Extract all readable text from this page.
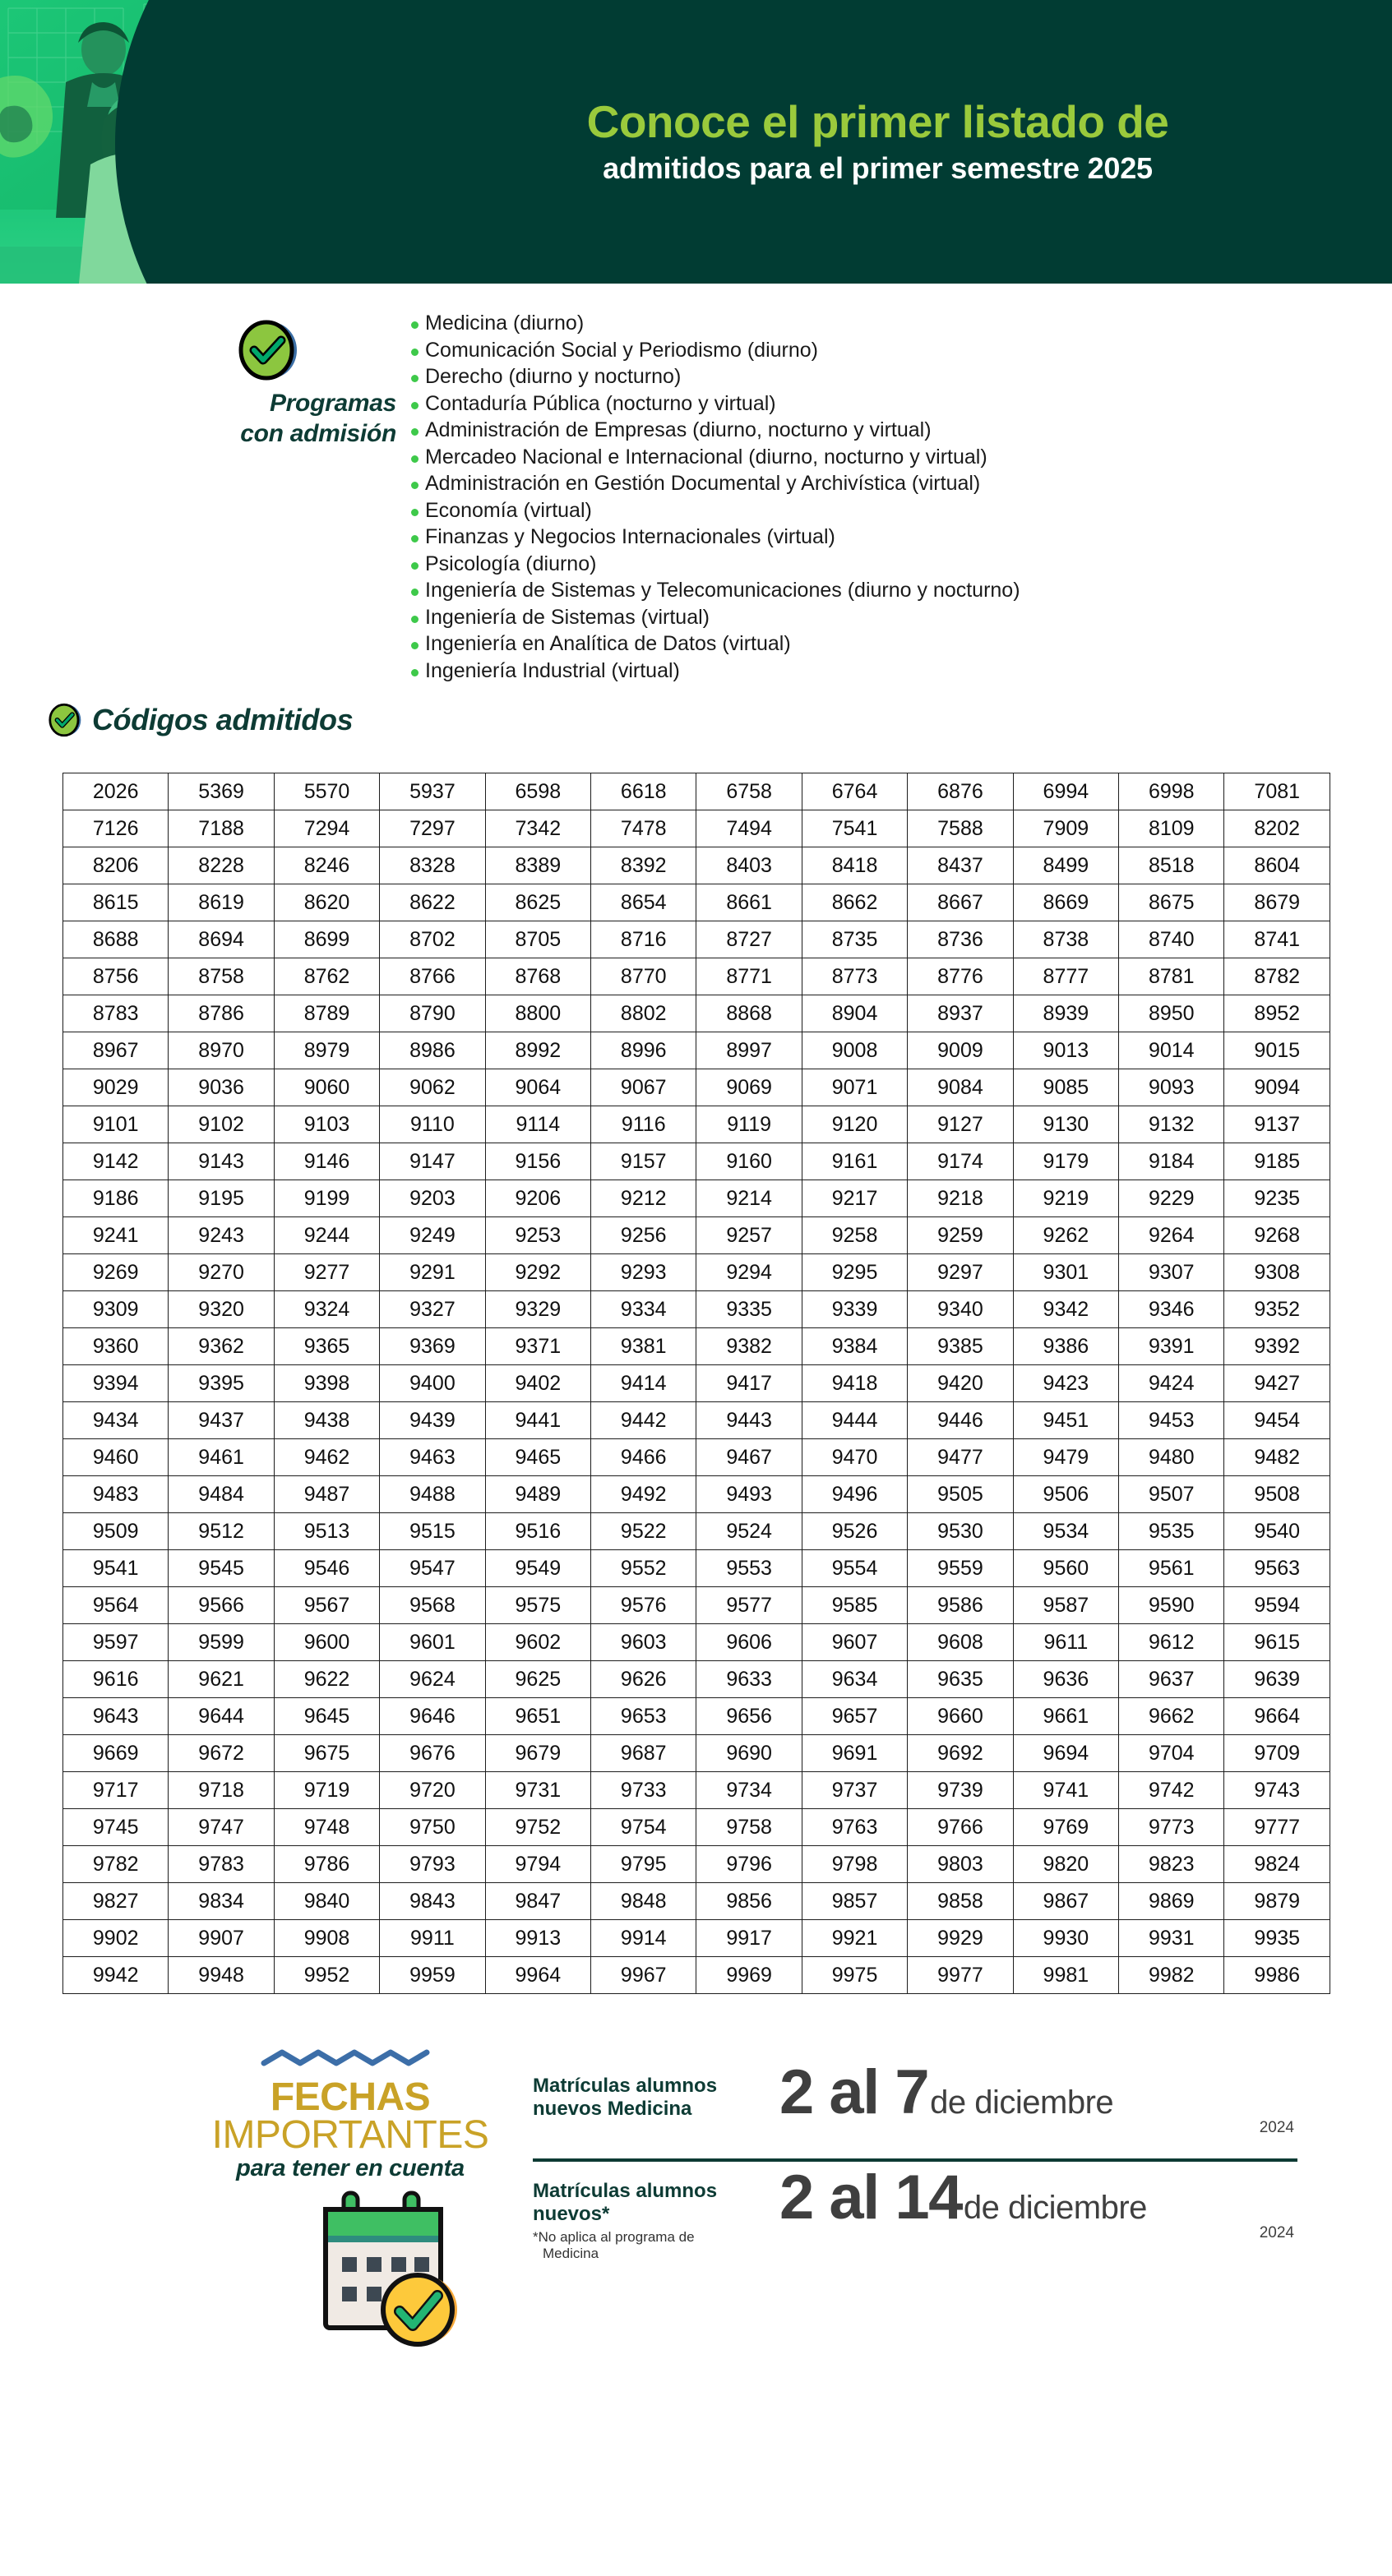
Conoce el primer listado de
admitidos para el primer semestre 2025
Programas
con admisión
Medicina (diurno)
Comunicación Social y Periodismo (diurno)
Derecho (diurno y nocturno)
Contaduría Pública (nocturno y virtual)
Administración de Empresas (diurno, nocturno y virtual)
Mercadeo Nacional e Internacional (diurno, nocturno y virtual)
Administración en Gestión Documental y Archivística (virtual)
Economía (virtual)
Finanzas y Negocios Internacionales (virtual)
Psicología (diurno)
Ingeniería de Sistemas y Telecomunicaciones (diurno y nocturno)
Ingeniería de Sistemas (virtual)
Ingeniería en Analítica de Datos (virtual)
Ingeniería Industrial (virtual)
Códigos admitidos
2026	5369	5570	5937	6598	6618	6758	6764	6876	6994	6998	7081
7126	7188	7294	7297	7342	7478	7494	7541	7588	7909	8109	8202
8206	8228	8246	8328	8389	8392	8403	8418	8437	8499	8518	8604
8615	8619	8620	8622	8625	8654	8661	8662	8667	8669	8675	8679
8688	8694	8699	8702	8705	8716	8727	8735	8736	8738	8740	8741
8756	8758	8762	8766	8768	8770	8771	8773	8776	8777	8781	8782
8783	8786	8789	8790	8800	8802	8868	8904	8937	8939	8950	8952
8967	8970	8979	8986	8992	8996	8997	9008	9009	9013	9014	9015
9029	9036	9060	9062	9064	9067	9069	9071	9084	9085	9093	9094
9101	9102	9103	9110	9114	9116	9119	9120	9127	9130	9132	9137
9142	9143	9146	9147	9156	9157	9160	9161	9174	9179	9184	9185
9186	9195	9199	9203	9206	9212	9214	9217	9218	9219	9229	9235
9241	9243	9244	9249	9253	9256	9257	9258	9259	9262	9264	9268
9269	9270	9277	9291	9292	9293	9294	9295	9297	9301	9307	9308
9309	9320	9324	9327	9329	9334	9335	9339	9340	9342	9346	9352
9360	9362	9365	9369	9371	9381	9382	9384	9385	9386	9391	9392
9394	9395	9398	9400	9402	9414	9417	9418	9420	9423	9424	9427
9434	9437	9438	9439	9441	9442	9443	9444	9446	9451	9453	9454
9460	9461	9462	9463	9465	9466	9467	9470	9477	9479	9480	9482
9483	9484	9487	9488	9489	9492	9493	9496	9505	9506	9507	9508
9509	9512	9513	9515	9516	9522	9524	9526	9530	9534	9535	9540
9541	9545	9546	9547	9549	9552	9553	9554	9559	9560	9561	9563
9564	9566	9567	9568	9575	9576	9577	9585	9586	9587	9590	9594
9597	9599	9600	9601	9602	9603	9606	9607	9608	9611	9612	9615
9616	9621	9622	9624	9625	9626	9633	9634	9635	9636	9637	9639
9643	9644	9645	9646	9651	9653	9656	9657	9660	9661	9662	9664
9669	9672	9675	9676	9679	9687	9690	9691	9692	9694	9704	9709
9717	9718	9719	9720	9731	9733	9734	9737	9739	9741	9742	9743
9745	9747	9748	9750	9752	9754	9758	9763	9766	9769	9773	9777
9782	9783	9786	9793	9794	9795	9796	9798	9803	9820	9823	9824
9827	9834	9840	9843	9847	9848	9856	9857	9858	9867	9869	9879
9902	9907	9908	9911	9913	9914	9917	9921	9929	9930	9931	9935
9942	9948	9952	9959	9964	9967	9969	9975	9977	9981	9982	9986
FECHAS
IMPORTANTES
para tener en cuenta
Matrículas alumnos nuevos Medicina	2 al 7 de diciembre
2024
Matrículas alumnos nuevos*
*No aplica al programa de
Medicina
2 al 14 de diciembre
2024
